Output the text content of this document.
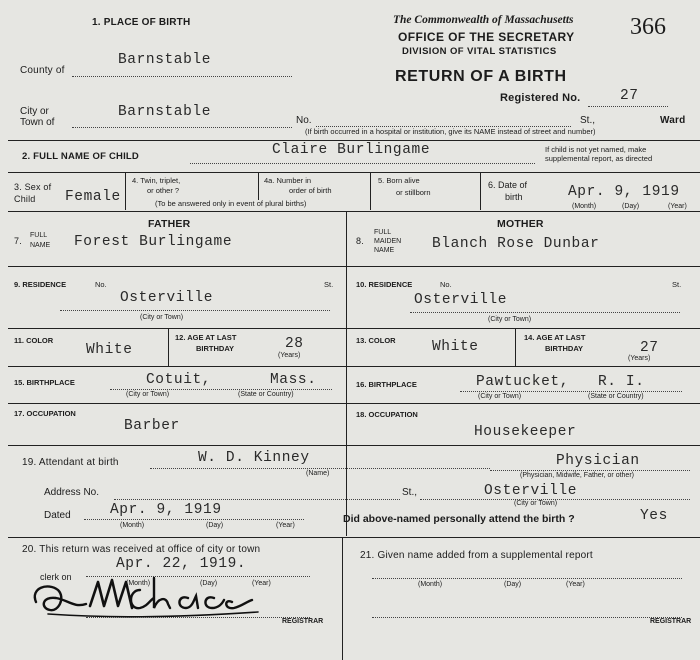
1. PLACE OF BIRTH	The Commonwealth of Massachusetts
OFFICE OF THE SECRETARY
DIVISION OF VITAL STATISTICS
RETURN OF A BIRTH
366
Registered No.	27
County of
Barnstable
City or
Town of
Barnstable
No.	St.,	Ward
(If birth occurred in a hospital or institution, give its NAME instead of street and number)
2. FULL NAME OF CHILD	Claire Burlingame	If child is not yet named, make
supplemental report, as directed
3. Sex of
Child Female
4. Twin, triplet,
or other ?
4a. Number in
order of birth
(To be answered only in event of plural births)
5. Born alive
or stillborn
6. Date of
birth	Apr. 9, 1919
(Month)	(Day)	(Year)
FATHER	MOTHER
7.
FULL
NAME Forest Burlingame	8.
FULL
MAIDEN
NAME	Blanch Rose Dunbar
9. RESIDENCE	No.	St.
Osterville
(City or Town)
10. RESIDENCE	No.	St.
Osterville
(City or Town)
11. COLOR
White
12. AGE AT LAST
BIRTHDAY	28
(Years)
13. COLOR	White
14. AGE AT LAST
BIRTHDAY	27
(Years)
15. BIRTHPLACE	Cotuit,	Mass.
(City or Town)	(State or Country)
16. BIRTHPLACE	Pawtucket, R. I.
(City or Town)	(State or Country)
17. OCCUPATION
Barber
18. OCCUPATION
Housekeeper
19. Attendant at birth	W. D. Kinney
(Name)
Physician
(Physician, Midwife, Father, or other)
Address No.	St.,	Osterville
(City or Town)
Dated	Apr. 9, 1919
(Month)	(Day)	(Year)
Did above-named personally attend the birth ?	Yes
20. This return was received at office of city or town
clerk on
Apr. 22, 1919.
(Month)	(Day)	(Year)
REGISTRAR
21. Given name added from a supplemental report
(Month)	(Day)	(Year)
REGISTRAR
